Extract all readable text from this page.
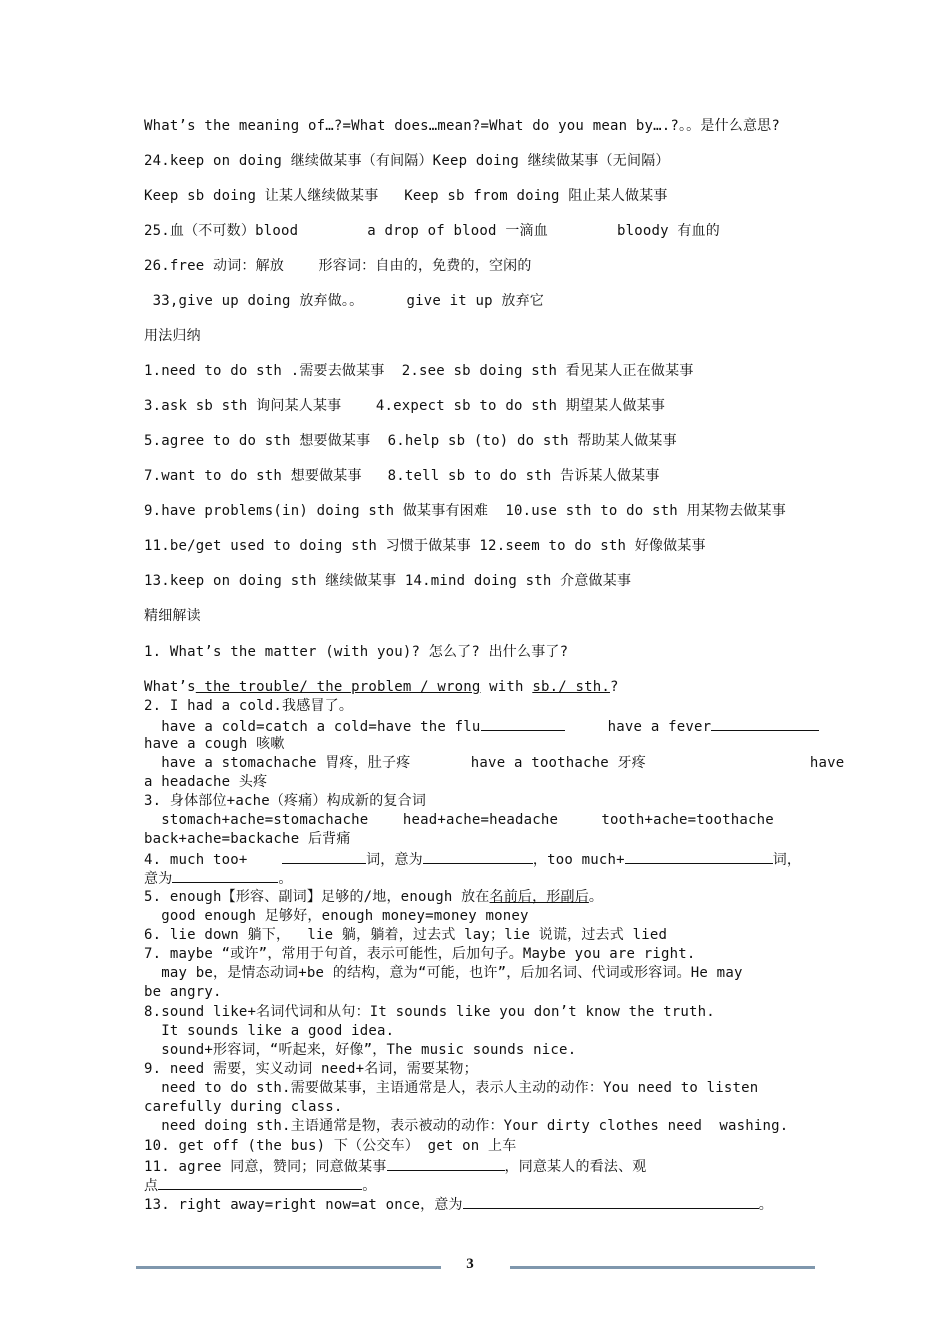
What’s the meaning of…?=What does…mean?=What do you mean by….?。。是什么意思?
24.keep on doing 继续做某事（有间隔）Keep doing 继续做某事（无间隔）
Keep sb doing 让某人继续做某事   Keep sb from doing 阻止某人做某事
25.血（不可数）blood        a drop of blood 一滴血        bloody 有血的
26.free 动词：解放    形容词：自由的，免费的，空闲的
33,give up doing 放弃做。。     give it up 放弃它
用法归纳
1.need to do sth .需要去做某事  2.see sb doing sth 看见某人正在做某事
3.ask sb sth 询问某人某事    4.expect sb to do sth 期望某人做某事
5.agree to do sth 想要做某事  6.help sb (to) do sth 帮助某人做某事
7.want to do sth 想要做某事   8.tell sb to do sth 告诉某人做某事
9.have problems(in) doing sth 做某事有困难  10.use sth to do sth 用某物去做某事
11.be/get used to doing sth 习惯于做某事 12.seem to do sth 好像做某事
13.keep on doing sth 继续做某事 14.mind doing sth 介意做某事
精细解读
1. What’s the matter (with you)? 怎么了? 出什么事了?
What’s the trouble/ the problem / wrong with sb./ sth.?
2. I had a cold.我感冒了。
have a cold=catch a cold=have the flu	have a fever
have a cough 咳嗽
have a stomachache 胃疼，肚子疼       have a toothache 牙疼                   have
a headache 头疼
3. 身体部位+ache（疼痛）构成新的复合词
stomach+ache=stomachache    head+ache=headache     tooth+ache=toothache
back+ache=backache 后背痛
4. much too+	词，意为	，too much+	词，
意为	。
5. enough【形容、副词】足够的/地，enough 放在名前后，形副后。
good enough 足够好，enough money=money money
6. lie down 躺下，  lie 躺，躺着，过去式 lay；lie 说谎，过去式 lied
7. maybe “或许”，常用于句首，表示可能性，后加句子。Maybe you are right.
may be，是情态动词+be 的结构，意为“可能，也许”，后加名词、代词或形容词。He may
be angry.
8.sound like+名词代词和从句：It sounds like you don’t know the truth.
It sounds like a good idea.
sound+形容词，“听起来，好像”，The music sounds nice.
9. need 需要，实义动词 need+名词，需要某物；
need to do sth.需要做某事，主语通常是人，表示人主动的动作：You need to listen
carefully during class.
need doing sth.主语通常是物，表示被动的动作：Your dirty clothes need  washing.
10. get off (the bus) 下（公交车） get on 上车
11. agree 同意，赞同；同意做某事	，同意某人的看法、观
点	。
13. right away=right now=at once，意为	。
3
